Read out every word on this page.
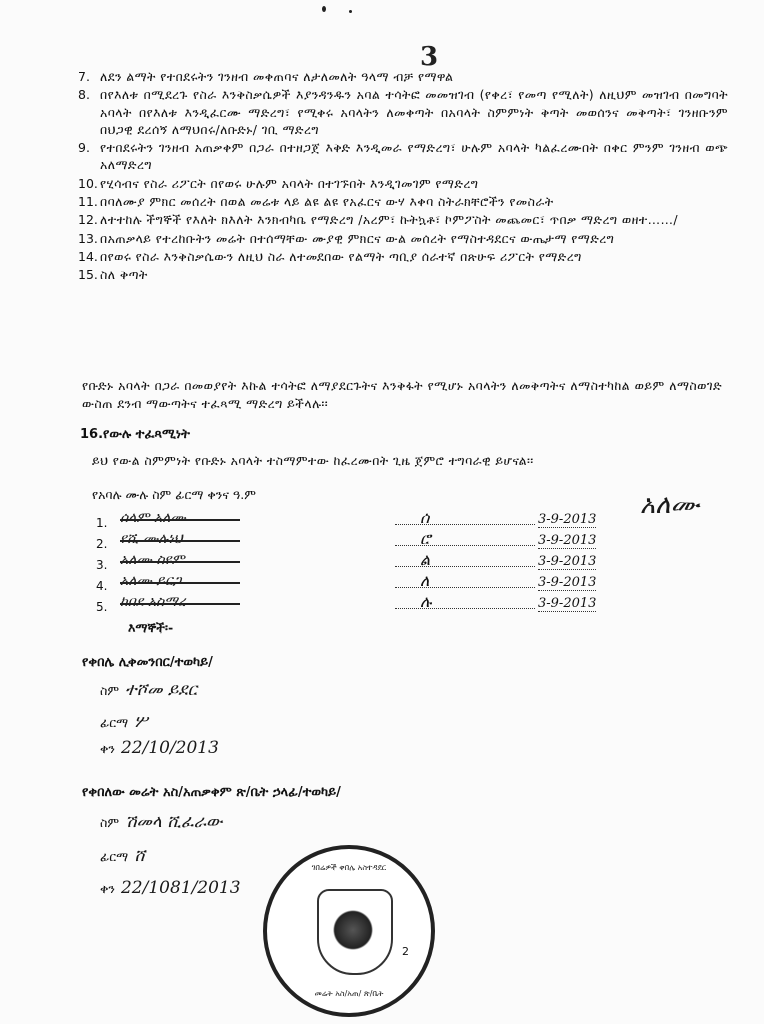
3
7. ለደን ልማት የተበደሩትን ገንዘብ መቀጠባና ለታለመለት ዓላማ ብቻ የማዋል
8. በየእለቱ በሚደረጉ የስራ እንቅስቃሴዎች እያንዳንዱን አባል ተሳትፎ መመዝገብ (የቀረ፣ የመጣ የሚለት) ለዚህም መዝገብ በመግባት አባላት በየእለቱ እንዲፈርሙ ማድረግ፣ የሚቀሩ አባላትን ለመቀጣት በአባላት ስምምነት ቅጣት መወሰንና መቅጣት፣ ገንዘቡንም በህጋዊ ደረሰኝ ለማህበሩ/ለቡድኑ/ ገቢ ማድረግ
9. የተበደሩትን ገንዘብ አጠቃቀም በጋራ በተዘጋጀ እቅድ እንዲመራ የማድረግ፣ ሁሉም አባላት ካልፈረሙበት በቀር ምንም ገንዘብ ወጭ አለማድረግ
10. የሂሳብና የስራ ሪፖርት በየወሩ ሁሉም አባላት በተገኙበት እንዲገመገም የማድረግ
11. በባለሙያ ምክር መሰረት በወል መሬቱ ላይ ልዩ ልዩ የአፈርና ውሃ እቀባ ስትራክቸሮችን የመስራት
12. ለተተከሉ ችግኞች የእለት ክእለት እንክብካቤ የማድረግ /አረም፣ ኩትኳቶ፣ ኮምፖስት መጨመር፣ ጥበቃ ማድረግ ወዘተ……/
13. በአጠቃላይ የተረከቡትን መሬት በተሰማቸው ሙያዊ ምክርና ውል መሰረት የማስተዳደርና ውጤታማ የማድረግ
14. በየወሩ የስራ እንቅስቃሴውን ለዚህ ስራ ለተመደበው የልማት ጣቢያ ሰራተኛ በጽሁፍ ሪፖርት የማድረግ
15. ስለ ቅጣት

የቡድኑ አባላት በጋራ በመወያየት እኩል ተሳትፎ ለማያደርጉትና እንቅፋት የሚሆኑ አባላትን ለመቅጣትና ለማስተካከል ወይም ለማስወገድ ውስጠ ደንብ ማውጣትና ተፈጻሚ ማድረግ ይችላሉ፡፡

16.የውሉ ተፈጻሚነት

ይህ የውል ስምምነት የቡድኑ አባላት ተስማምተው ከፈረሙበት ጊዜ ጀምሮ ተግባራዊ ይሆናል፡፡

የአባሉ ሙሉ ስም ፊርማ ቀንና ዓ.ም	አለሙ
1. ሰላም አለሙ	ሰ	3-9-2013
2. የሺ ሙሉነህ	ሮ	3-9-2013
3. አለሙ ስዩም	ል	3-9-2013
4. አለሙ ይርጋ	ለ	3-9-2013
5. ከበደ አስማረ	ሉ	3-9-2013

እማኞች፡-

የቀበሌ ሊቀመንበር/ተወካይ/

ስም ተሾመ ይደር
ፊርማ ሦ
ቀን 22/10/2013

የቀበለው መሬት አስ/አጠቃቀም ጽ/ቤት ኃላፊ/ተወካይ/

ስም ሽመላ ሺፈራው
ፊርማ ሸ
ቀን 22/1081/2013
ገበሬዎች ቀበሌ አስተዳደር
2
መሬት አስ/አጠ/ ጽ/ቤት
